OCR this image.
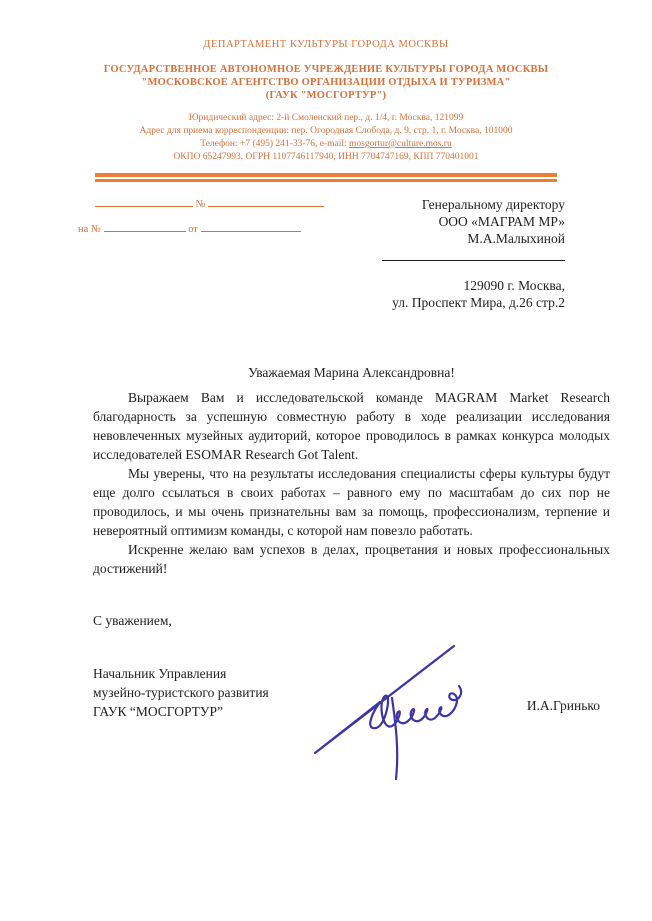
ДЕПАРТАМЕНТ КУЛЬТУРЫ ГОРОДА МОСКВЫ
ГОСУДАРСТВЕННОЕ АВТОНОМНОЕ УЧРЕЖДЕНИЕ КУЛЬТУРЫ ГОРОДА МОСКВЫ
"МОСКОВСКОЕ АГЕНТСТВО ОРГАНИЗАЦИИ ОТДЫХА И ТУРИЗМА"
(ГАУК "МОСГОРТУР")
Юридический адрес: 2-й Смоленский пер., д. 1/4, г. Москва, 121099
Адрес для приема корреспонденции: пер. Огородная Слобода, д. 9, стр. 1, г. Москва, 101000
Телефон: +7 (495) 241-33-76, e-mail: mosgortur@culture.mos.ru
ОКПО 65247993, ОГРН 1107746117940, ИНН 7704747169, КПП 770401001
№
на №	от
Генеральному директору
ООО «МАГРАМ МР»
М.А.Малыхиной
129090 г. Москва,
ул. Проспект Мира, д.26 стр.2
Уважаемая Марина Александровна!

Выражаем Вам и исследовательской команде MAGRAM Market Research благодарность за успешную совместную работу в ходе реализации исследования невовлеченных музейных аудиторий, которое проводилось в рамках конкурса молодых исследователей ESOMAR Research Got Talent.

Мы уверены, что на результаты исследования специалисты сферы культуры будут еще долго ссылаться в своих работах – равного ему по масштабам до сих пор не проводилось, и мы очень признательны вам за помощь, профессионализм, терпение и невероятный оптимизм команды, с которой нам повезло работать.

Искренне желаю вам успехов в делах, процветания и новых профессиональных достижений!

С уважением,
Начальник Управления
музейно-туристского развития
ГАУК “МОСГОРТУР”	И.А.Гринько
